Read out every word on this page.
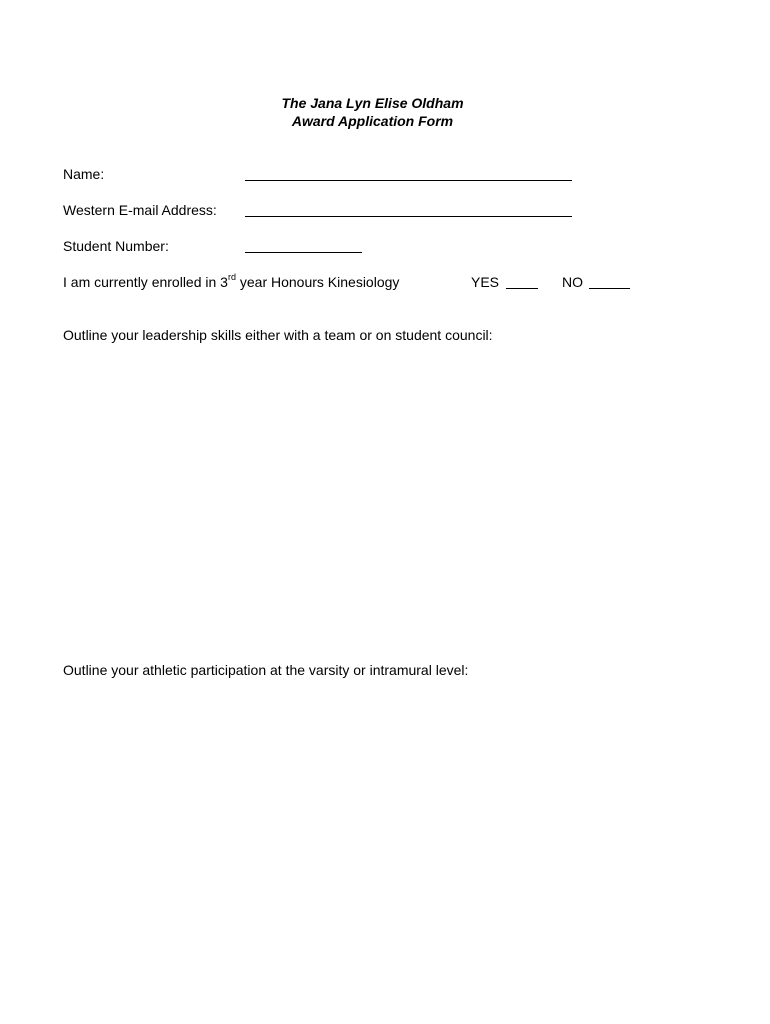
The Jana Lyn Elise Oldham
Award Application Form
Name:
Western E-mail Address:
Student Number:
I am currently enrolled in 3rd year Honours Kinesiology	YES	NO
Outline your leadership skills either with a team or on student council:
Outline your athletic participation at the varsity or intramural level:
